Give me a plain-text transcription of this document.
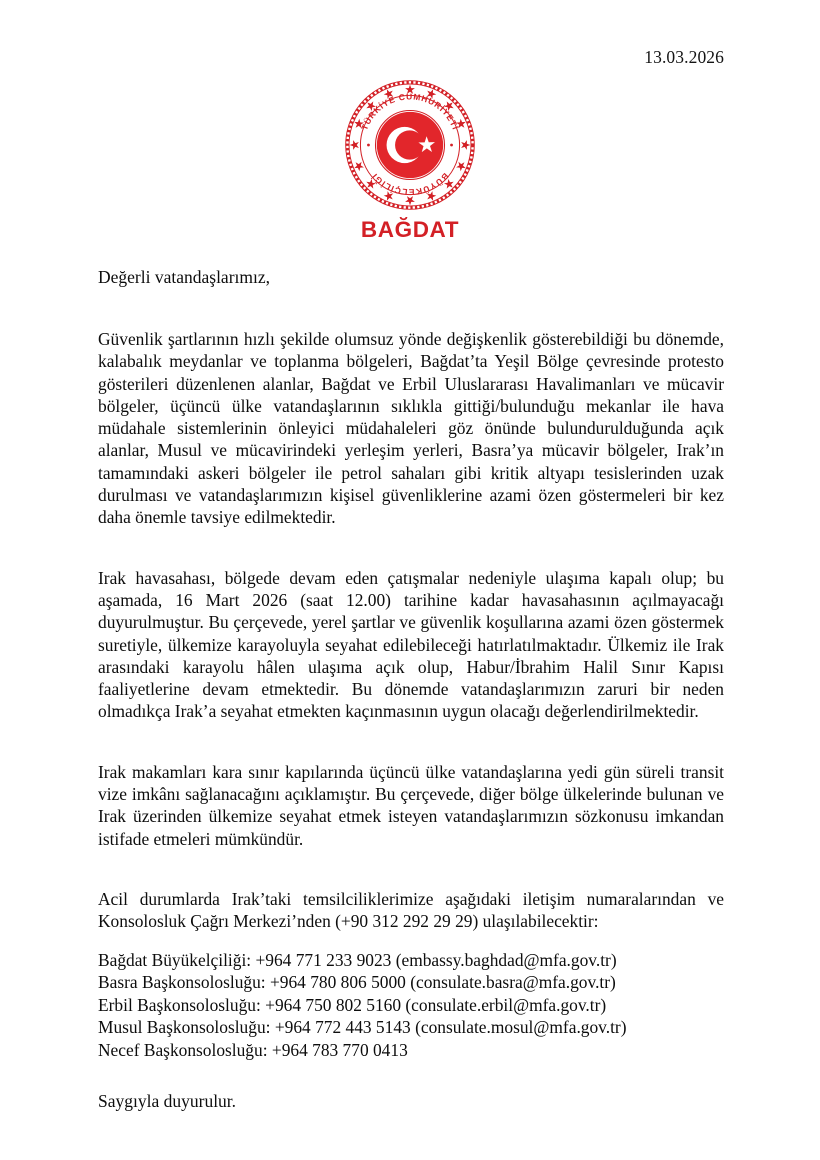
13.03.2026
TÜRKİYE CUMHURİYETİ
BÜYÜKELÇİLİĞİ
BAĞDAT

Değerli vatandaşlarımız,

Güvenlik şartlarının hızlı şekilde olumsuz yönde değişkenlik gösterebildiği bu dönemde, kalabalık meydanlar ve toplanma bölgeleri, Bağdat’ta Yeşil Bölge çevresinde protesto gösterileri düzenlenen alanlar, Bağdat ve Erbil Uluslararası Havalimanları ve mücavir bölgeler, üçüncü ülke vatandaşlarının sıklıkla gittiği/bulunduğu mekanlar ile hava müdahale sistemlerinin önleyici müdahaleleri göz önünde bulundurulduğunda açık alanlar, Musul ve mücavirindeki yerleşim yerleri, Basra’ya mücavir bölgeler, Irak’ın tamamındaki askeri bölgeler ile petrol sahaları gibi kritik altyapı tesislerinden uzak durulması ve vatandaşlarımızın kişisel güvenliklerine azami özen göstermeleri bir kez daha önemle tavsiye edilmektedir.

Irak havasahası, bölgede devam eden çatışmalar nedeniyle ulaşıma kapalı olup; bu aşamada, 16 Mart 2026 (saat 12.00) tarihine kadar havasahasının açılmayacağı duyurulmuştur. Bu çerçevede, yerel şartlar ve güvenlik koşullarına azami özen göstermek suretiyle, ülkemize karayoluyla seyahat edilebileceği hatırlatılmaktadır. Ülkemiz ile Irak arasındaki karayolu hâlen ulaşıma açık olup, Habur/İbrahim Halil Sınır Kapısı faaliyetlerine devam etmektedir. Bu dönemde vatandaşlarımızın zaruri bir neden olmadıkça Irak’a seyahat etmekten kaçınmasının uygun olacağı değerlendirilmektedir.

Irak makamları kara sınır kapılarında üçüncü ülke vatandaşlarına yedi gün süreli transit vize imkânı sağlanacağını açıklamıştır. Bu çerçevede, diğer bölge ülkelerinde bulunan ve Irak üzerinden ülkemize seyahat etmek isteyen vatandaşlarımızın sözkonusu imkandan istifade etmeleri mümkündür.

Acil durumlarda Irak’taki temsilciliklerimize aşağıdaki iletişim numaralarından ve Konsolosluk Çağrı Merkezi’nden (+90 312 292 29 29) ulaşılabilecektir:

Bağdat Büyükelçiliği: +964 771 233 9023 (embassy.baghdad@mfa.gov.tr)
Basra Başkonsolosluğu: +964 780 806 5000 (consulate.basra@mfa.gov.tr)
Erbil Başkonsolosluğu: +964 750 802 5160 (consulate.erbil@mfa.gov.tr)
Musul Başkonsolosluğu: +964 772 443 5143 (consulate.mosul@mfa.gov.tr)
Necef Başkonsolosluğu: +964 783 770 0413

Saygıyla duyurulur.
